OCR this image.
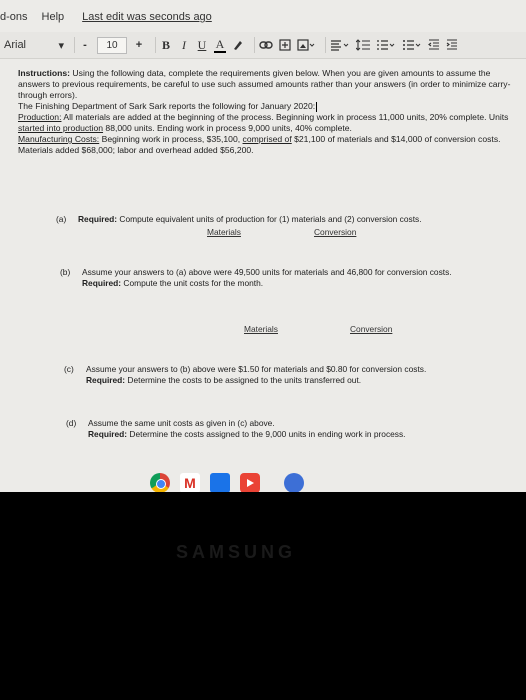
d-ons Help Last edit was seconds ago
Arial	▾	-	10	+ B	I U A

Instructions: Using the following data, complete the requirements given below. When you are given amounts to assume the answers to previous requirements, be careful to use such assumed amounts rather than your answers (in order to minimize carry-through errors).

The Finishing Department of Sark Sark reports the following for January 2020:

Production: All materials are added at the beginning of the process. Beginning work in process 11,000 units, 20% complete. Units started into production 88,000 units. Ending work in process 9,000 units, 40% complete.

Manufacturing Costs: Beginning work in process, $35,100, comprised of $21,100 of materials and $14,000 of conversion costs. Materials added $68,000; labor and overhead added $56,200.

(a) Required: Compute equivalent units of production for (1) materials and (2) conversion costs.
Materials	Conversion
(b) Assume your answers to (a) above were 49,500 units for materials and 46,800 for conversion costs.
Required: Compute the unit costs for the month.
Materials	Conversion
(c) Assume your answers to (b) above were $1.50 for materials and $0.80 for conversion costs.
Required: Determine the costs to be assigned to the units transferred out.
(d) Assume the same unit costs as given in (c) above.
Required: Determine the costs assigned to the 9,000 units in ending work in process.
M
SAMSUNG
